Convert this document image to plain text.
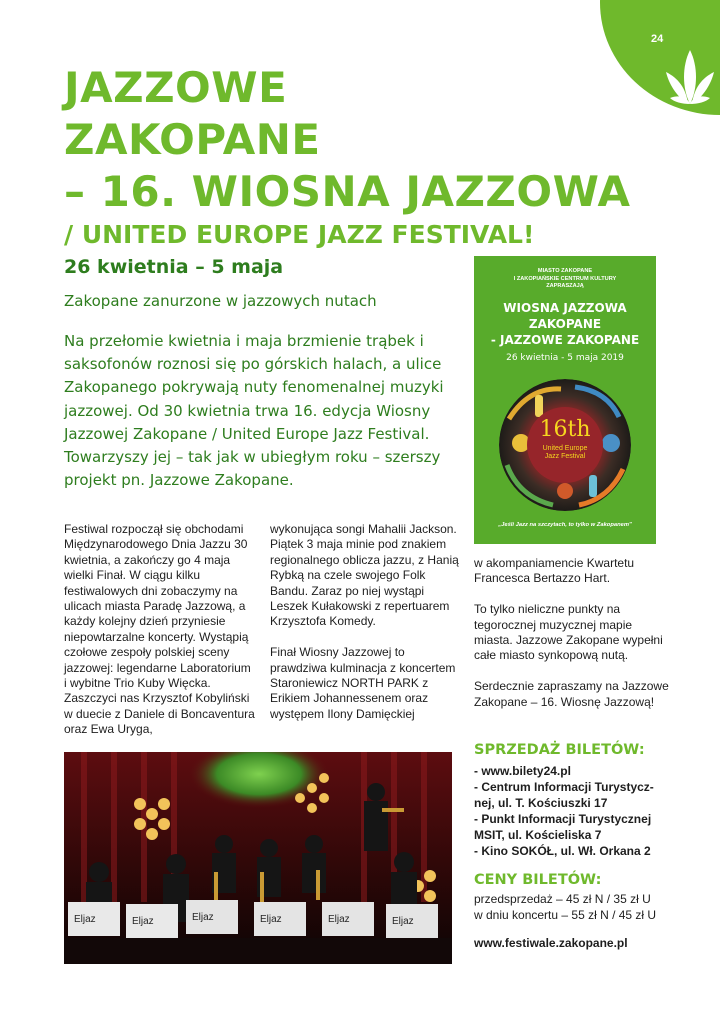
24
JAZZOWE
ZAKOPANE
– 16. WIOSNA JAZZOWA
/ UNITED EUROPE JAZZ FESTIVAL!
26 kwietnia – 5 maja
Zakopane zanurzone w jazzowych nutach
Na przełomie kwietnia i maja brzmienie trąbek i saksofonów roznosi się po górskich halach, a ulice Zakopanego pokrywają nuty fenomenalnej muzyki jazzowej. Od 30 kwietnia trwa 16. edycja Wiosny Jazzowej Zakopane / United Europe Jazz Festival. Towarzyszy jej – tak jak w ubiegłym roku – szerszy projekt pn. Jazzowe Zakopane.

Festiwal rozpoczął się obchodami Międzynarodowego Dnia Jazzu 30 kwietnia, a zakończy go 4 maja wielki Finał. W ciągu kilku festiwalowych dni zobaczymy na ulicach miasta Paradę Jazzową, a każdy kolejny dzień przyniesie niepowtarzalne koncerty. Wystąpią czołowe zespoły polskiej sceny jazzowej: legendarne Laboratorium i wybitne Trio Kuby Więcka. Zaszczyci nas Krzysztof Kobyliński w duecie z Daniele di Boncaventura oraz Ewa Uryga,

wykonująca songi Mahalii Jackson. Piątek 3 maja minie pod znakiem regionalnego oblicza jazzu, z Hanią Rybką na czele swojego Folk Bandu. Zaraz po niej wystąpi Leszek Kułakowski z repertuarem Krzysztofa Komedy.

Finał Wiosny Jazzowej to prawdziwa kulminacja z koncertem Staroniewicz NORTH PARK z Erikiem Johannessenem oraz występem Ilony Damięckiej

w akompaniamencie Kwartetu Francesca Bertazzo Hart.

To tylko nieliczne punkty na tegorocznej muzycznej mapie miasta. Jazzowe Zakopane wypełni całe miasto synkopową nutą.

Serdecznie zapraszamy na Jazzowe Zakopane – 16. Wiosnę Jazzową!

MIASTO ZAKOPANE
I ZAKOPIAŃSKIE CENTRUM KULTURY
ZAPRASZAJĄ
WIOSNA JAZZOWA
ZAKOPANE
- JAZZOWE ZAKOPANE
26 kwietnia - 5 maja 2019
16th
United Europe
Jazz Festival
„Jeśli Jazz na szczytach, to tylko w Zakopanem"
Eljaz	Eljaz	Eljaz	Eljaz	Eljaz	Eljaz
SPRZEDAŻ BILETÓW:
- www.bilety24.pl
- Centrum Informacji Turystycz-
nej, ul. T. Kościuszki 17
- Punkt Informacji Turystycznej
MSIT, ul. Kościeliska 7
- Kino SOKÓŁ, ul. Wł. Orkana 2
CENY BILETÓW:
przedsprzedaż – 45 zł N / 35 zł U
w dniu koncertu – 55 zł N / 45 zł U
www.festiwale.zakopane.pl
